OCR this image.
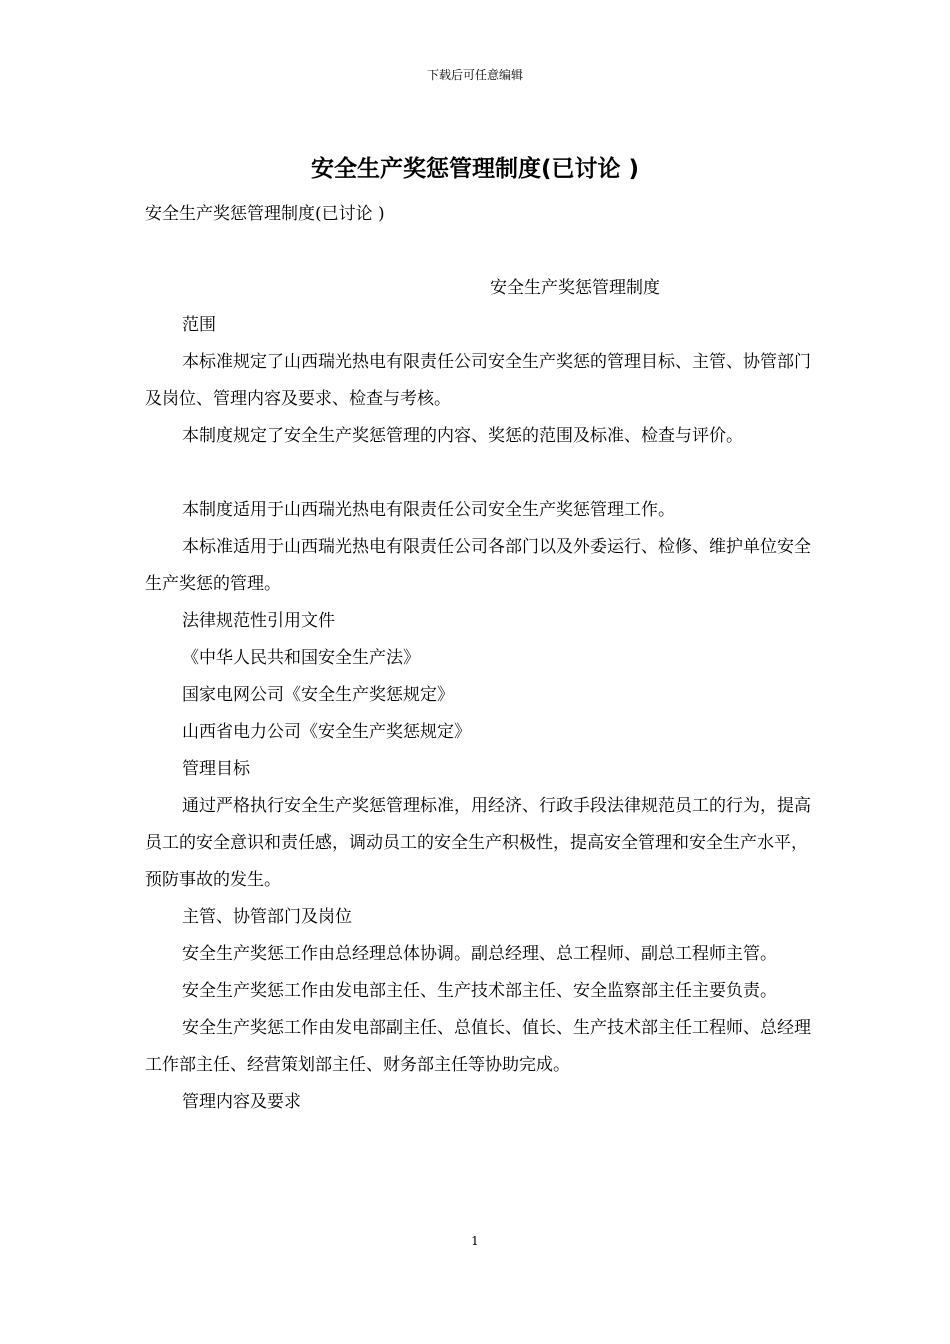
下载后可任意编辑
安全生产奖惩管理制度(已讨论 )

安全生产奖惩管理制度(已讨论 )

安全生产奖惩管理制度

范围

本标准规定了山西瑞光热电有限责任公司安全生产奖惩的管理目标、主管、协管部门及岗位、管理内容及要求、检查与考核。

本制度规定了安全生产奖惩管理的内容、奖惩的范围及标准、检查与评价。

本制度适用于山西瑞光热电有限责任公司安全生产奖惩管理工作。

本标准适用于山西瑞光热电有限责任公司各部门以及外委运行、检修、维护单位安全生产奖惩的管理。

法律规范性引用文件

《中华人民共和国安全生产法》

国家电网公司《安全生产奖惩规定》

山西省电力公司《安全生产奖惩规定》

管理目标

通过严格执行安全生产奖惩管理标准，用经济、行政手段法律规范员工的行为，提高员工的安全意识和责任感，调动员工的安全生产积极性，提高安全管理和安全生产水平，预防事故的发生。

主管、协管部门及岗位

安全生产奖惩工作由总经理总体协调。副总经理、总工程师、副总工程师主管。

安全生产奖惩工作由发电部主任、生产技术部主任、安全监察部主任主要负责。

安全生产奖惩工作由发电部副主任、总值长、值长、生产技术部主任工程师、总经理工作部主任、经营策划部主任、财务部主任等协助完成。

管理内容及要求

1
